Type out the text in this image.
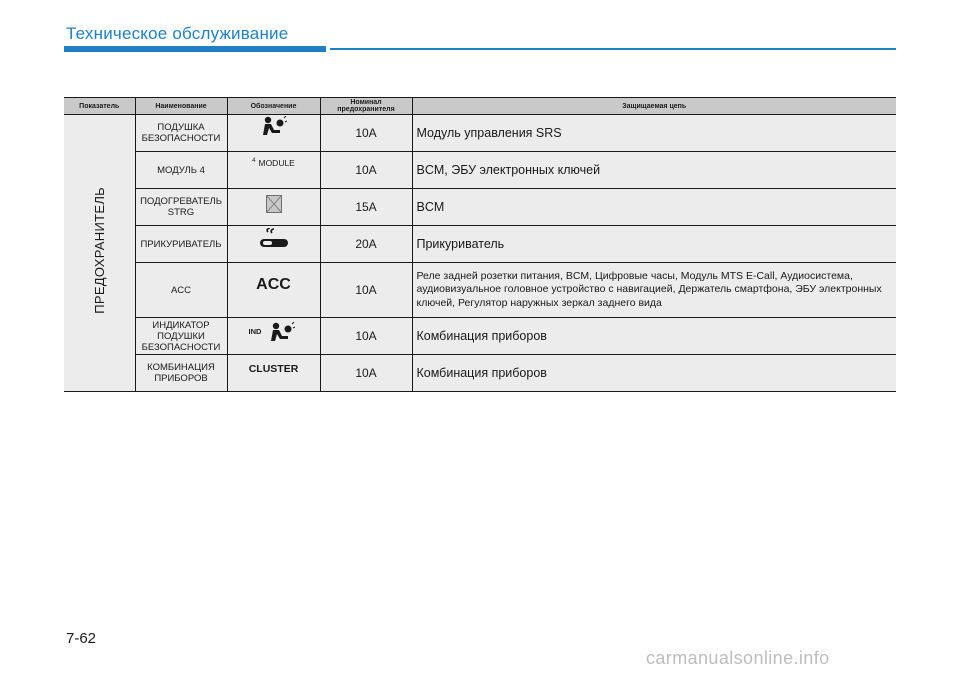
Техническое обслуживание
Показатель	Наименование	Обозначение	Номинал предохранителя	Защищаемая цепь
ПРЕДОХРАНИТЕЛЬ	ПОДУШКА БЕЗОПАСНОСТИ		10A	Модуль управления SRS
	МОДУЛЬ 4	$^{^4 MODULE}$	10A	BCM, ЭБУ электронных ключей
	ПОДОГРЕВАТЕЛЬ STRG		15A	BCM
	ПРИКУРИВАТЕЛЬ		20A	Прикуриватель
	ACC	ACC	10A	Реле задней розетки питания, BCM, Цифровые часы, Модуль MTS E-Call, Аудиосистема, аудиовизуальное головное устройство с навигацией, Держатель смартфона, ЭБУ электронных ключей, Регулятор наружных зеркал заднего вида
	ИНДИКАТОР ПОДУШКИ БЕЗОПАСНОСТИ	IND	10A	Комбинация приборов
	КОМБИНАЦИЯ ПРИБОРОВ	$^{CLUSTER}$	10A	Комбинация приборов
7-62
carmanualsonline.info
